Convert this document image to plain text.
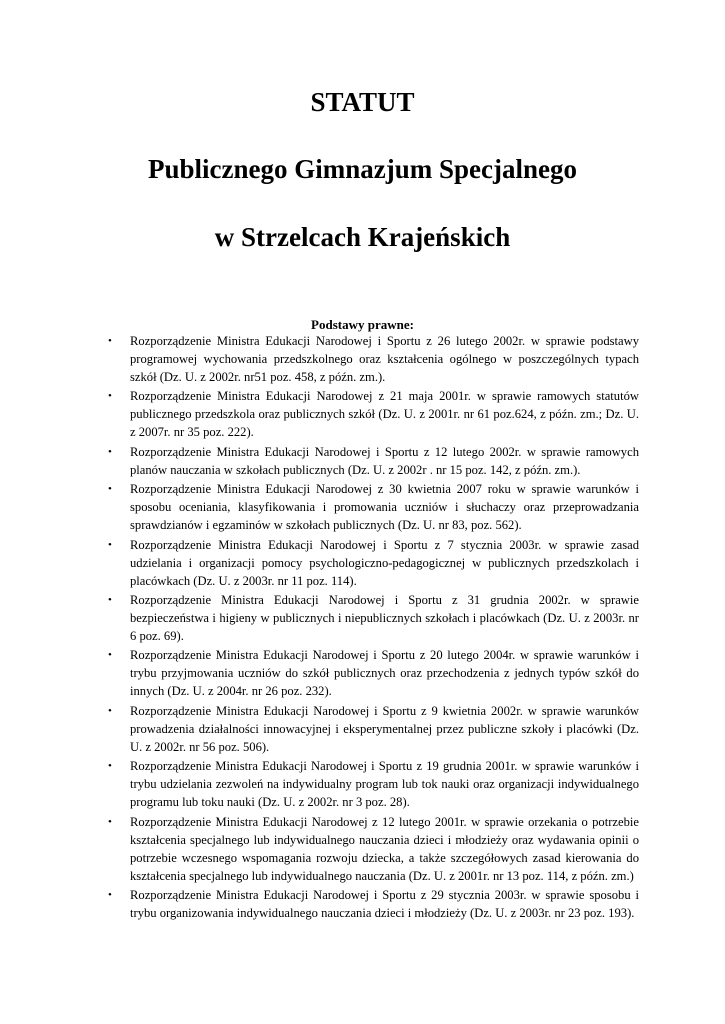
STATUT
Publicznego Gimnazjum Specjalnego
w Strzelcach Krajeńskich
Podstawy prawne:
• Rozporządzenie Ministra Edukacji Narodowej i Sportu z 26 lutego 2002r. w sprawie podstawy programowej wychowania przedszkolnego oraz kształcenia ogólnego w poszczególnych typach szkół (Dz. U. z 2002r. nr51 poz. 458, z późn. zm.).
• Rozporządzenie Ministra Edukacji Narodowej z 21 maja 2001r. w sprawie ramowych statutów publicznego przedszkola oraz publicznych szkół (Dz. U. z 2001r. nr 61 poz.624, z późn. zm.; Dz. U. z 2007r. nr 35 poz. 222).
• Rozporządzenie Ministra Edukacji Narodowej i Sportu z 12 lutego 2002r. w sprawie ramowych planów nauczania w szkołach publicznych (Dz. U. z 2002r . nr 15 poz. 142, z późn. zm.).
• Rozporządzenie Ministra Edukacji Narodowej z 30 kwietnia 2007 roku w sprawie warunków i sposobu oceniania, klasyfikowania i promowania uczniów i słuchaczy oraz przeprowadzania sprawdzianów i egzaminów w szkołach publicznych (Dz. U. nr 83, poz. 562).
• Rozporządzenie Ministra Edukacji Narodowej i Sportu z 7 stycznia 2003r. w sprawie zasad udzielania i organizacji pomocy psychologiczno-pedagogicznej w publicznych przedszkolach i placówkach (Dz. U. z 2003r. nr 11 poz. 114).
• Rozporządzenie Ministra Edukacji Narodowej i Sportu z 31 grudnia 2002r. w sprawie bezpieczeństwa i higieny w publicznych i niepublicznych szkołach i placówkach (Dz. U. z 2003r. nr 6 poz. 69).
• Rozporządzenie Ministra Edukacji Narodowej i Sportu z 20 lutego 2004r. w sprawie warunków i trybu przyjmowania uczniów do szkół publicznych oraz przechodzenia z jednych typów szkół do innych (Dz. U. z 2004r. nr 26 poz. 232).
• Rozporządzenie Ministra Edukacji Narodowej i Sportu z 9 kwietnia 2002r. w sprawie warunków prowadzenia działalności innowacyjnej i eksperymentalnej przez publiczne szkoły i placówki (Dz. U. z 2002r. nr 56 poz. 506).
• Rozporządzenie Ministra Edukacji Narodowej i Sportu z 19 grudnia 2001r. w sprawie warunków i trybu udzielania zezwoleń na indywidualny program lub tok nauki oraz organizacji indywidualnego programu lub toku nauki (Dz. U. z 2002r. nr 3 poz. 28).
• Rozporządzenie Ministra Edukacji Narodowej z 12 lutego 2001r. w sprawie orzekania o potrzebie kształcenia specjalnego lub indywidualnego nauczania dzieci i młodzieży oraz wydawania opinii o potrzebie wczesnego wspomagania rozwoju dziecka, a także szczegółowych zasad kierowania do kształcenia specjalnego lub indywidualnego nauczania (Dz. U. z 2001r. nr 13 poz. 114, z późn. zm.)
• Rozporządzenie Ministra Edukacji Narodowej i Sportu z 29 stycznia 2003r. w sprawie sposobu i trybu organizowania indywidualnego nauczania dzieci i młodzieży (Dz. U. z 2003r. nr 23 poz. 193).
